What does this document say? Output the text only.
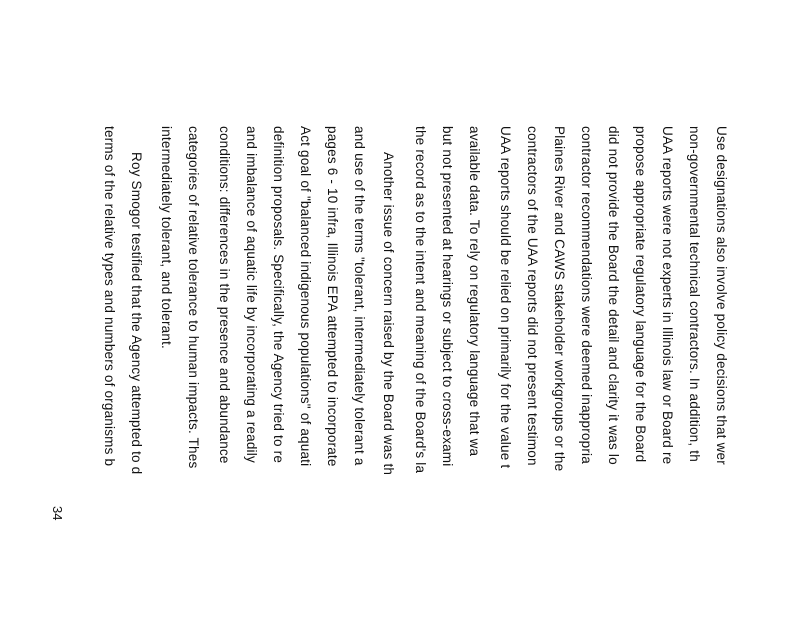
Use designations also involve policy decisions that wer
non-governmental technical contractors. In addition, th
UAA reports were not experts in Illinois law or Board re
propose appropriate regulatory language for the Board
did not provide the Board the detail and clarity it was lo
contractor recommendations were deemed inappropria
Plaines River and CAWS stakeholder workgroups or the
contractors of the UAA reports did not present testimon
UAA reports should be relied on primarily for the value t
available data. To rely on regulatory language that wa
but not presented at hearings or subject to cross-exami
the record as to the intent and meaning of the Board's la
Another issue of concern raised by the Board was th
and use of the terms "tolerant, intermediately tolerant a
pages 6 - 10 infra, Illinois EPA attempted to incorporate
Act goal of "balanced indigenous populations" of aquati
definition proposals. Specifically, the Agency tried to re
and imbalance of aquatic life by incorporating a readily
conditions: differences in the presence and abundance
categories of relative tolerance to human impacts. Thes
intermediately tolerant, and tolerant.
Roy Smogor testified that the Agency attempted to d
terms of the relative types and numbers of organisms b
34
